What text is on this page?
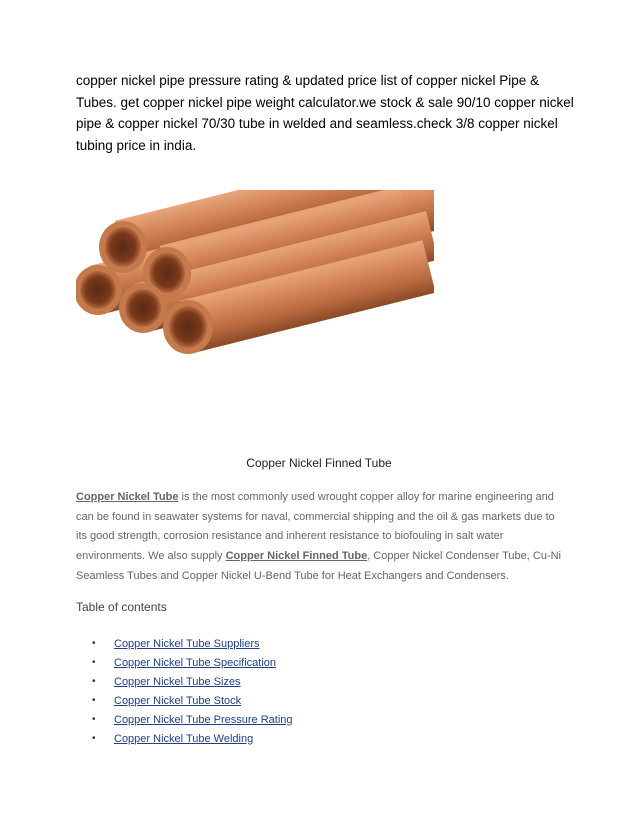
copper nickel pipe pressure rating & updated price list of copper nickel Pipe & Tubes. get copper nickel pipe weight calculator.we stock & sale 90/10 copper nickel pipe & copper nickel 70/30 tube in welded and seamless.check 3/8 copper nickel tubing price in india.
Copper Nickel Finned Tube
Copper Nickel Tube is the most commonly used wrought copper alloy for marine engineering and can be found in seawater systems for naval, commercial shipping and the oil & gas markets due to its good strength, corrosion resistance and inherent resistance to biofouling in salt water environments. We also supply Copper Nickel Finned Tube, Copper Nickel Condenser Tube, Cu-Ni Seamless Tubes and Copper Nickel U-Bend Tube for Heat Exchangers and Condensers.
Table of contents
•	Copper Nickel Tube Suppliers
•	Copper Nickel Tube Specification
•	Copper Nickel Tube Sizes
•	Copper Nickel Tube Stock
•	Copper Nickel Tube Pressure Rating
•	Copper Nickel Tube Welding
